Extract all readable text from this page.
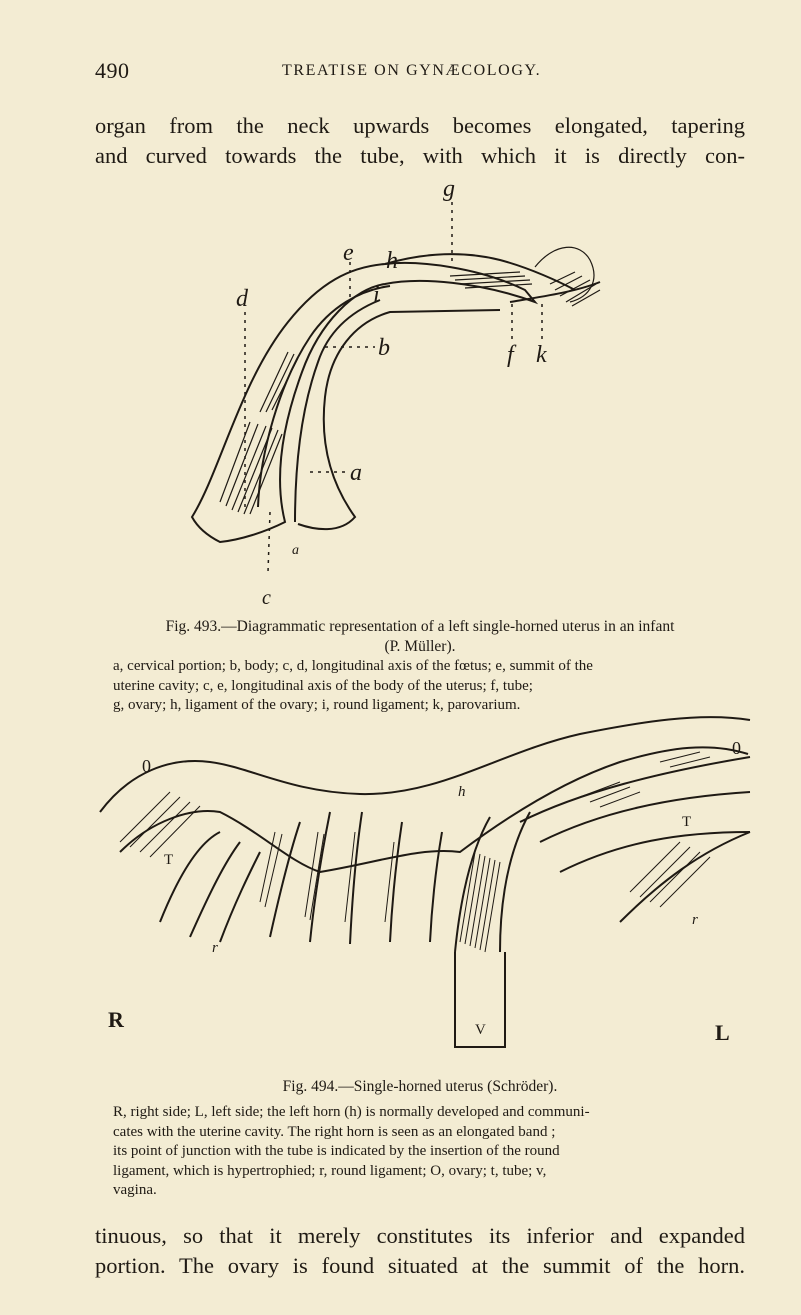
490	TREATISE ON GYNÆCOLOGY.

organ from the neck upwards becomes elongated, tapering
and curved towards the tube, with which it is directly con-

g
e h
d	i
f k
b
a
a
c
Fig. 493.—Diagrammatic representation of a left single-horned uterus in an infant
(P. Müller).

a, cervical portion; b, body; c, d, longitudinal axis of the fœtus; e, summit of the
uterine cavity; c, e, longitudinal axis of the body of the uterus; f, tube;
g, ovary; h, ligament of the ovary; i, round ligament; k, parovarium.

0
0
T
T
h
r
r
V
R
L
Fig. 494.—Single-horned uterus (Schröder).

R, right side; L, left side; the left horn (h) is normally developed and communi-
cates with the uterine cavity. The right horn is seen as an elongated band ;
its point of junction with the tube is indicated by the insertion of the round
ligament, which is hypertrophied; r, round ligament; O, ovary; t, tube; v,
vagina.

tinuous, so that it merely constitutes its inferior and expanded
portion. The ovary is found situated at the summit of the horn.
